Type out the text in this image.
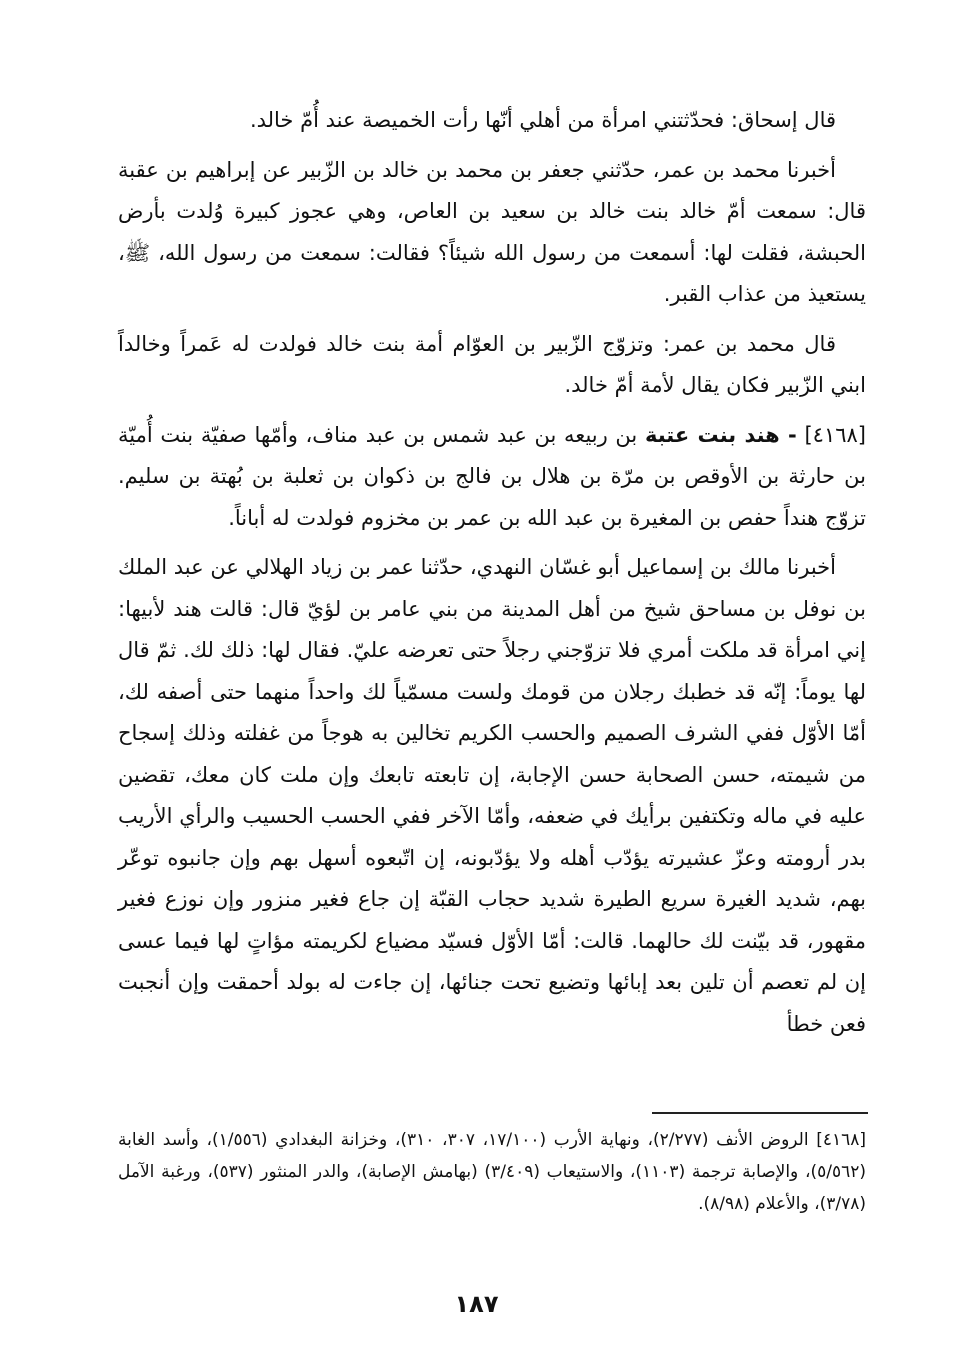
قال إسحاق: فحدّثتني امرأة من أهلي أنّها رأت الخميصة عند أُمّ خالد.

أخبرنا محمد بن عمر، حدّثني جعفر بن محمد بن خالد بن الزّبير عن إبراهيم بن عقبة قال: سمعت أمّ خالد بنت خالد بن سعيد بن العاص، وهي عجوز كبيرة وُلدت بأرض الحبشة، فقلت لها: أسمعت من رسول الله شيئاً؟ فقالت: سمعت من رسول الله، ﷺ، يستعيذ من عذاب القبر.

قال محمد بن عمر: وتزوّج الزّبير بن العوّام أمة بنت خالد فولدت له عَمراً وخالداً ابني الزّبير فكان يقال لأمة أمّ خالد.

[٤١٦٨] - هند بنت عتبة بن ربيعه بن عبد شمس بن عبد مناف، وأمّها صفيّة بنت أُميّة بن حارثة بن الأوقص بن مرّة بن هلال بن فالج بن ذكوان بن ثعلبة بن بُهتة بن سليم. تزوّج هنداً حفص بن المغيرة بن عبد الله بن عمر بن مخزوم فولدت له أباناً.

أخبرنا مالك بن إسماعيل أبو غسّان النهدي، حدّثنا عمر بن زياد الهلالي عن عبد الملك بن نوفل بن مساحق شيخ من أهل المدينة من بني عامر بن لؤيّ قال: قالت هند لأبيها: إني امرأة قد ملكت أمري فلا تزوّجني رجلاً حتى تعرضه عليّ. فقال لها: ذلك لك. ثمّ قال لها يوماً: إنّه قد خطبك رجلان من قومك ولست مسمّياً لك واحداً منهما حتى أصفه لك، أمّا الأوّل ففي الشرف الصميم والحسب الكريم تخالين به هوجاً من غفلته وذلك إسجاح من شيمته، حسن الصحابة حسن الإجابة، إن تابعته تابعك وإن ملت كان معك، تقضين عليه في ماله وتكتفين برأيك في ضعفه، وأمّا الآخر ففي الحسب الحسيب والرأي الأريب بدر أرومته وعزّ عشيرته يؤدّب أهله ولا يؤدّبونه، إن اتّبعوه أسهل بهم وإن جانبوه توعّر بهم، شديد الغيرة سريع الطيرة شديد حجاب القبّة إن جاع فغير منزور وإن نوزع فغير مقهور، قد بيّنت لك حالهما. قالت: أمّا الأوّل فسيّد مضياع لكريمته مؤاتٍ لها فيما عسى إن لم تعصم أن تلين بعد إبائها وتضيع تحت جنائها، إن جاءت له بولد أحمقت وإن أنجبت فعن خطأ

[٤١٦٨] الروض الأنف (٢/٢٧٧)، ونهاية الأرب (١٧/١٠٠، ٣٠٧، ٣١٠)، وخزانة البغدادي (١/٥٥٦)، وأسد الغابة (٥/٥٦٢)، والإصابة ترجمة (١١٠٣)، والاستيعاب (٣/٤٠٩) (بهامش الإصابة)، والدر المنثور (٥٣٧)، ورغبة الآمل (٣/٧٨)، والأعلام (٨/٩٨).

١٨٧
